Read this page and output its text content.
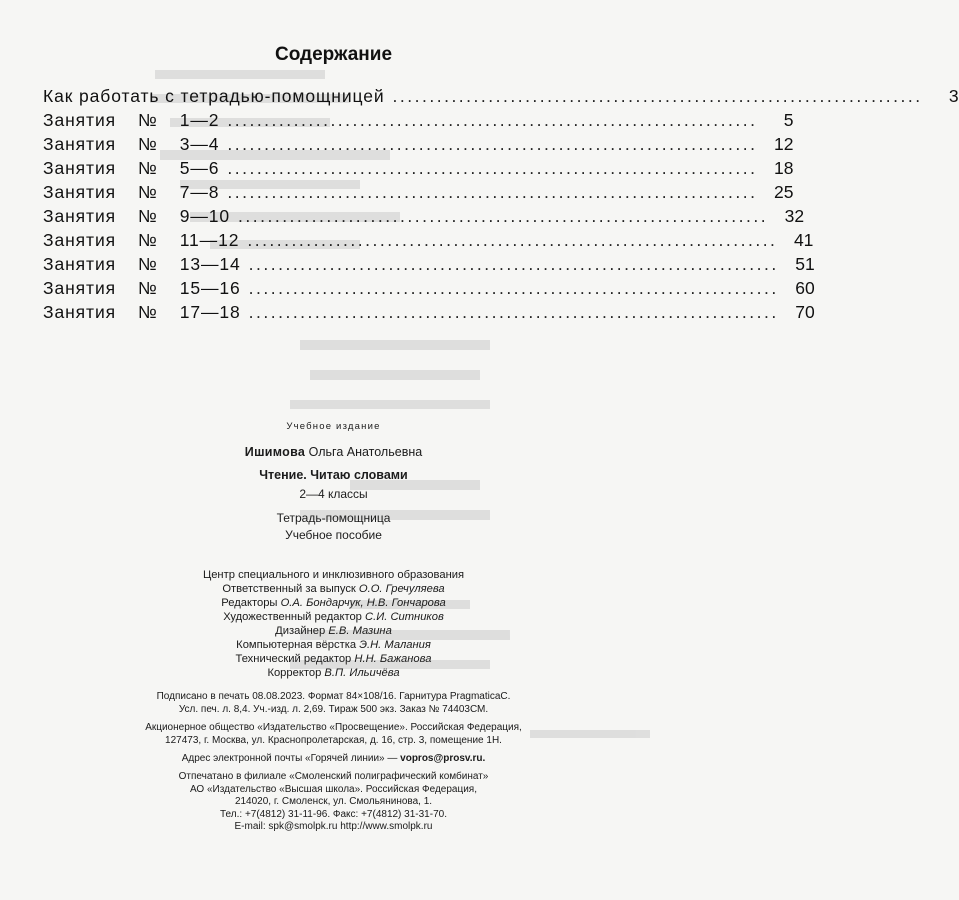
Содержание
Как работать с тетрадью-помощницей ........................................................................	3
Занятия № 1—2 ........................................................................	5
Занятия № 3—4 ........................................................................ 12
Занятия № 5—6 ........................................................................ 18
Занятия № 7—8 ........................................................................ 25
Занятия № 9—10 ........................................................................ 32
Занятия № 11—12 ........................................................................ 41
Занятия № 13—14 ........................................................................ 51
Занятия № 15—16 ........................................................................ 60
Занятия № 17—18 ........................................................................ 70
Учебное издание
Ишимова Ольга Анатольевна
Чтение. Читаю словами
2—4 классы
Тетрадь-помощница
Учебное пособие
Центр специального и инклюзивного образования
Ответственный за выпуск О.О. Гречуляева
Редакторы О.А. Бондарчук, Н.В. Гончарова
Художественный редактор С.И. Ситников
Дизайнер Е.В. Мазина
Компьютерная вёрстка Э.Н. Малания
Технический редактор Н.Н. Бажанова
Корректор В.П. Ильичёва
Подписано в печать 08.08.2023. Формат 84×108/16. Гарнитура PragmaticaC.
Усл. печ. л. 8,4. Уч.-изд. л. 2,69. Тираж 500 экз. Заказ № 74403СМ.
Акционерное общество «Издательство «Просвещение». Российская Федерация,
127473, г. Москва, ул. Краснопролетарская, д. 16, стр. 3, помещение 1Н.
Адрес электронной почты «Горячей линии» — vopros@prosv.ru.
Отпечатано в филиале «Смоленский полиграфический комбинат»
АО «Издательство «Высшая школа». Российская Федерация,
214020, г. Смоленск, ул. Смольянинова, 1.
Тел.: +7(4812) 31-11-96. Факс: +7(4812) 31-31-70.
E-mail: spk@smolpk.ru http://www.smolpk.ru
